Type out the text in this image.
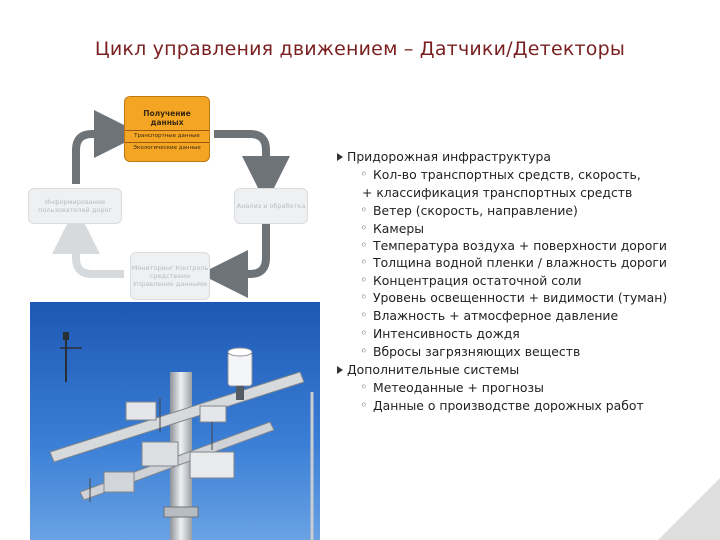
Цикл управления движением – Датчики/Детекторы
Получение данных
Транспортные данные
Экологические данные
Анализ и обработка
Мониторинг Контроль средствами Управление данными
Информирование пользователей дорог
Придорожная инфраструктура
◦ Кол-во транспортных средств, скорость,
+ классификация транспортных средств
◦ Ветер (скорость, направление)
◦ Камеры
◦ Температура воздуха + поверхности дороги
◦ Толщина водной пленки / влажность дороги
◦ Концентрация остаточной соли
◦ Уровень освещенности + видимости (туман)
◦ Влажность + атмосферное давление
◦ Интенсивность дождя
◦ Вбросы загрязняющих веществ
Дополнительные системы
◦ Метеоданные + прогнозы
◦ Данные о производстве дорожных работ
